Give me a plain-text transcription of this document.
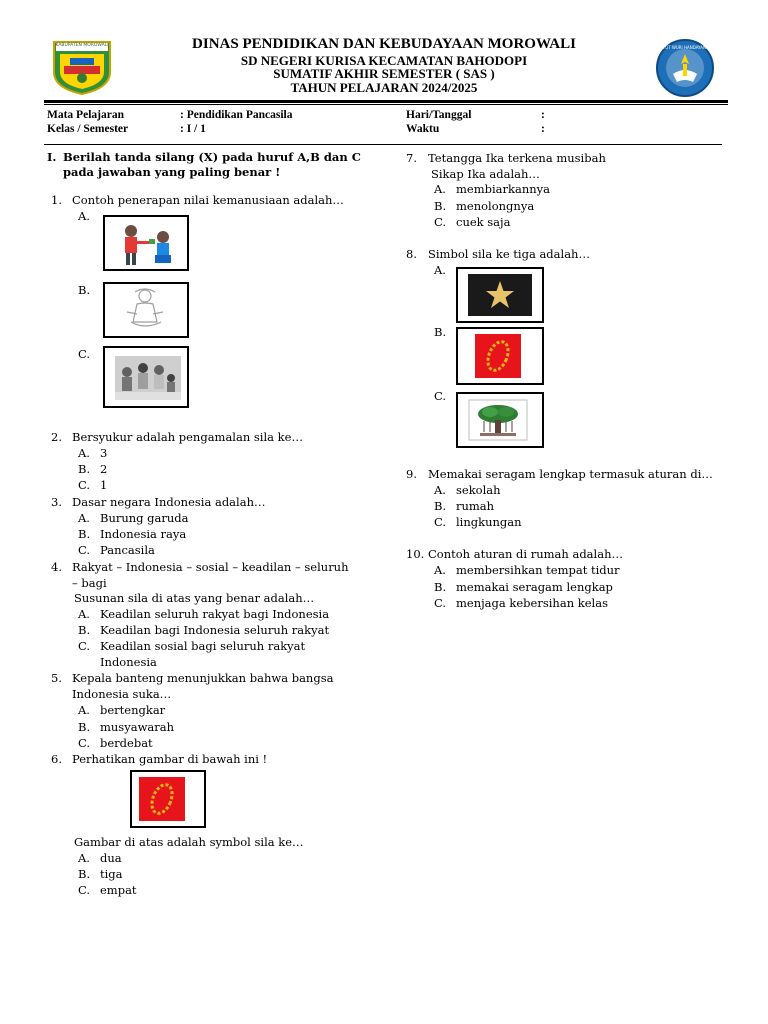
KABUPATEN MOROWALI	TUT WURI HANDAYANI
DINAS PENDIDIKAN DAN KEBUDAYAAN MOROWALI
SD NEGERI KURISA KECAMATAN BAHODOPI
SUMATIF AKHIR SEMESTER ( SAS )
TAHUN PELAJARAN 2024/2025
Mata Pelajaran	: Pendidikan Pancasila
Kelas / Semester	: I / 1
Hari/Tanggal	:
Waktu	:
I. Berilah tanda silang (X) pada huruf A,B dan C
pada jawaban yang paling benar !
1. Contoh penerapan nilai kemanusiaan adalah…
A.
B.
C.
2. Bersyukur adalah pengamalan sila ke…
A. 3
B. 2
C. 1
3. Dasar negara Indonesia adalah…
A. Burung garuda
B. Indonesia raya
C. Pancasila
4. Rakyat – Indonesia – sosial – keadilan – seluruh
– bagi
Susunan sila di atas yang benar adalah…
A. Keadilan seluruh rakyat bagi Indonesia
B. Keadilan bagi Indonesia seluruh rakyat
C. Keadilan sosial bagi seluruh rakyat
Indonesia
5. Kepala banteng menunjukkan bahwa bangsa
Indonesia suka…
A. bertengkar
B. musyawarah
C. berdebat
6. Perhatikan gambar di bawah ini !
Gambar di atas adalah symbol sila ke…
A. dua
B. tiga
C. empat
7. Tetangga Ika terkena musibah
Sikap Ika adalah…
A. membiarkannya
B. menolongnya
C. cuek saja
8. Simbol sila ke tiga adalah…
A.
B.
C.
9. Memakai seragam lengkap termasuk aturan di…
A. sekolah
B. rumah
C. lingkungan
10. Contoh aturan di rumah adalah…
A. membersihkan tempat tidur
B. memakai seragam lengkap
C. menjaga kebersihan kelas
